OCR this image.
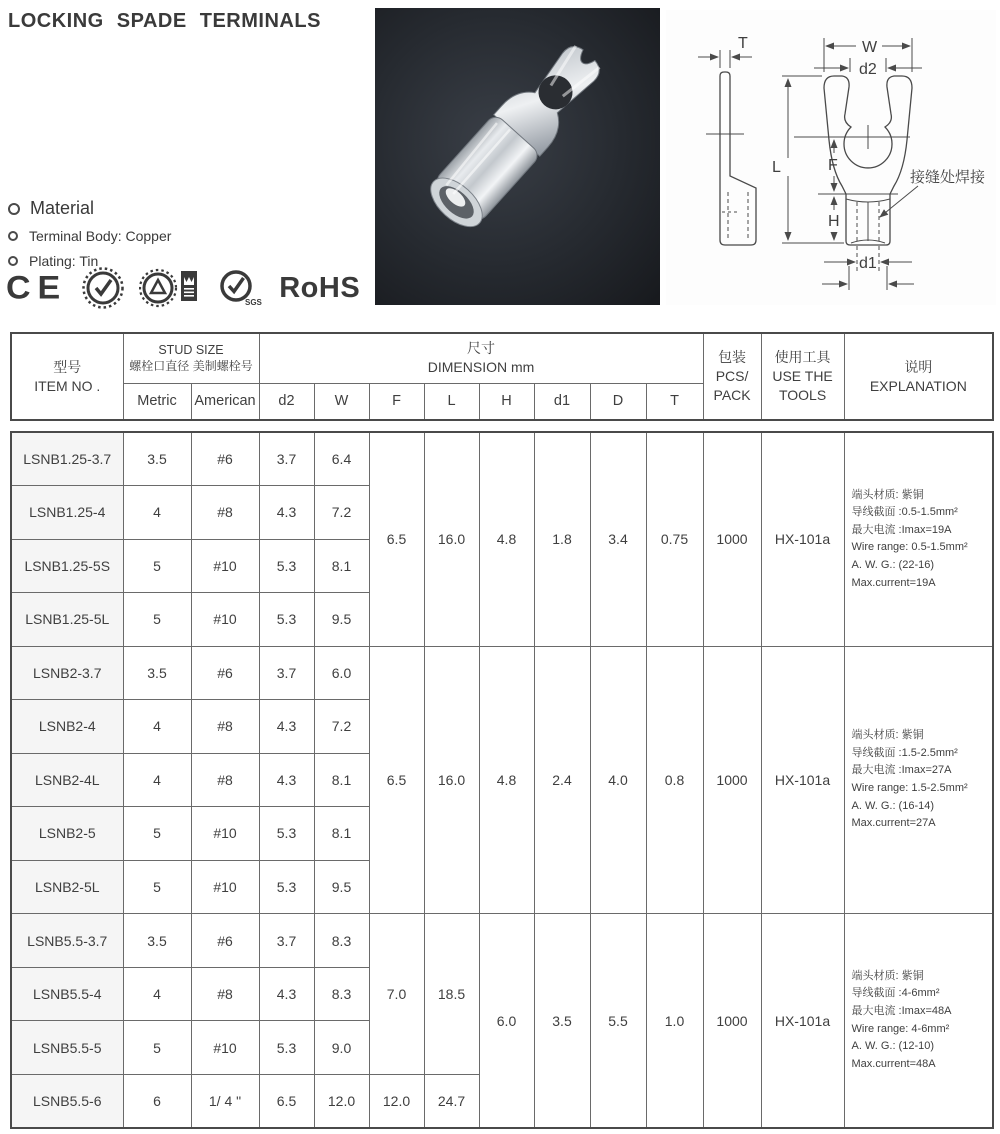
LOCKING SPADE TERMINALS
T	W
d2
L	F
H
d1
接缝处焊接
Material
Terminal Body: Copper
Plating: Tin
CE	SGS RoHS
型号
ITEM NO .

STUD SIZE
螺栓口直径 美制螺栓号

尺寸
DIMENSION mm

包装
PCS/
PACK

使用工具
USE THE
TOOLS

说明
EXPLANATION

	Metric	American	d2	W	F	L	H	d1	D	T			
LSNB1.25-3.7	3.5	#6	3.7	6.4	6.5	16.0	4.8	1.8	3.4	0.75	1000	HX-101a	
端头材质: 紫铜
导线截面 :0.5-1.5mm²
最大电流 :Imax=19A
Wire range: 0.5-1.5mm²
A. W. G.: (22-16)
Max.current=19A

LSNB1.25-4	4	#8	4.3	7.2									
LSNB1.25-5S	5	#10	5.3	8.1									
LSNB1.25-5L	5	#10	5.3	9.5									
LSNB2-3.7	3.5	#6	3.7	6.0	6.5	16.0	4.8	2.4	4.0	0.8	1000	HX-101a	
端头材质: 紫铜
导线截面 :1.5-2.5mm²
最大电流 :Imax=27A
Wire range: 1.5-2.5mm²
A. W. G.: (16-14)
Max.current=27A

LSNB2-4	4	#8	4.3	7.2									
LSNB2-4L	4	#8	4.3	8.1									
LSNB2-5	5	#10	5.3	8.1									
LSNB2-5L	5	#10	5.3	9.5									
LSNB5.5-3.7	3.5	#6	3.7	8.3	7.0	18.5	6.0	3.5	5.5	1.0	1000	HX-101a	
端头材质: 紫铜
导线截面 :4-6mm²
最大电流 :Imax=48A
Wire range: 4-6mm²
A. W. G.: (12-10)
Max.current=48A

LSNB5.5-4	4	#8	4.3	8.3									
LSNB5.5-5	5	#10	5.3	9.0									
LSNB5.5-6	6	1/ 4 "	6.5	12.0	12.0	24.7							
